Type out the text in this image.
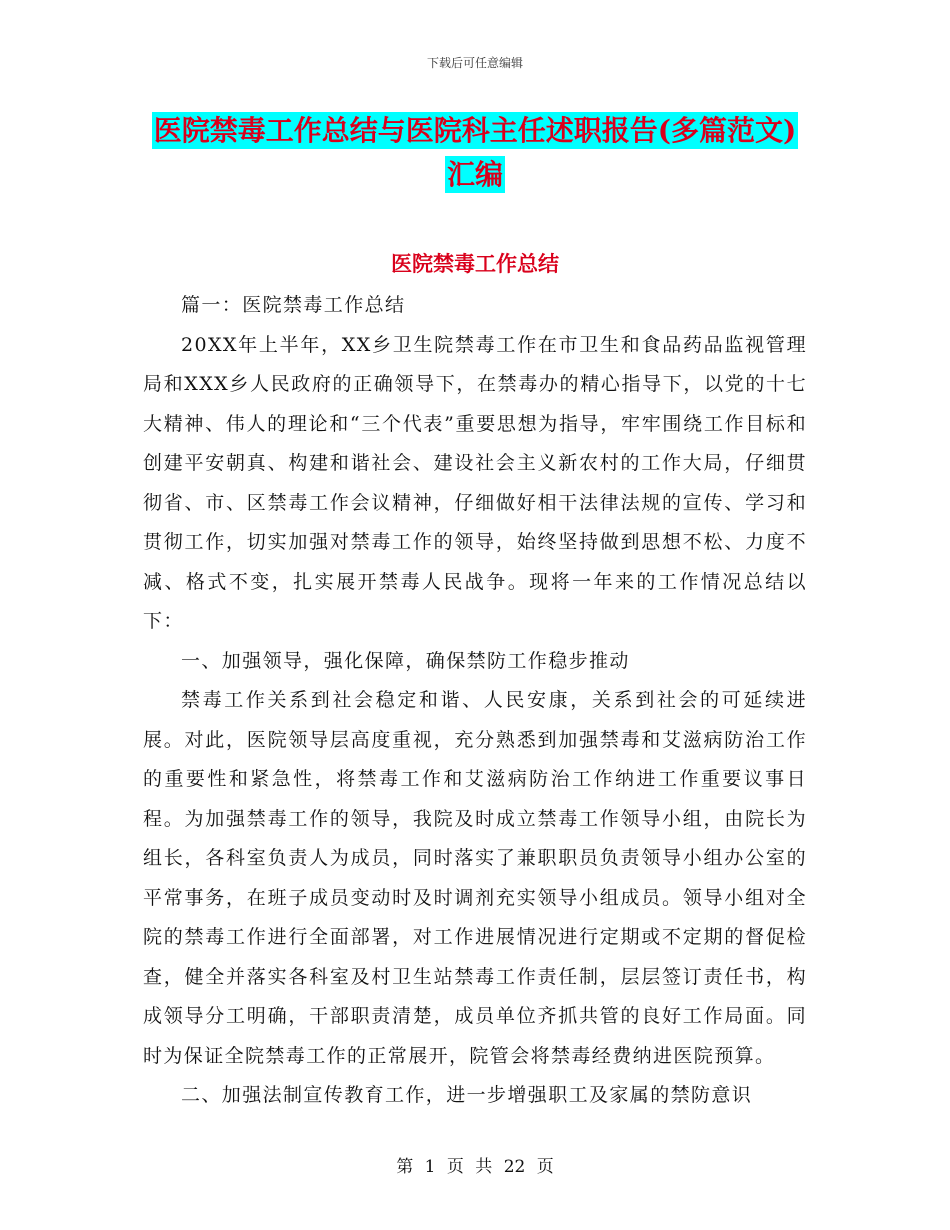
下载后可任意编辑
医院禁毒工作总结与医院科主任述职报告(多篇范文)
汇编
医院禁毒工作总结

篇一：医院禁毒工作总结

20XX年上半年，XX乡卫生院禁毒工作在市卫生和食品药品监视管理局和XXX乡人民政府的正确领导下，在禁毒办的精心指导下，以党的十七大精神、伟人的理论和“三个代表”重要思想为指导，牢牢围绕工作目标和创建平安朝真、构建和谐社会、建设社会主义新农村的工作大局，仔细贯彻省、市、区禁毒工作会议精神，仔细做好相干法律法规的宣传、学习和贯彻工作，切实加强对禁毒工作的领导，始终坚持做到思想不松、力度不减、格式不变，扎实展开禁毒人民战争。现将一年来的工作情况总结以下：

一、加强领导，强化保障，确保禁防工作稳步推动

禁毒工作关系到社会稳定和谐、人民安康，关系到社会的可延续进展。对此，医院领导层高度重视，充分熟悉到加强禁毒和艾滋病防治工作的重要性和紧急性，将禁毒工作和艾滋病防治工作纳进工作重要议事日程。为加强禁毒工作的领导，我院及时成立禁毒工作领导小组，由院长为组长，各科室负责人为成员，同时落实了兼职职员负责领导小组办公室的平常事务，在班子成员变动时及时调剂充实领导小组成员。领导小组对全院的禁毒工作进行全面部署，对工作进展情况进行定期或不定期的督促检查，健全并落实各科室及村卫生站禁毒工作责任制，层层签订责任书，构成领导分工明确，干部职责清楚，成员单位齐抓共管的良好工作局面。同时为保证全院禁毒工作的正常展开，院管会将禁毒经费纳进医院预算。

二、加强法制宣传教育工作，进一步增强职工及家属的禁防意识

第 1 页 共 22 页
